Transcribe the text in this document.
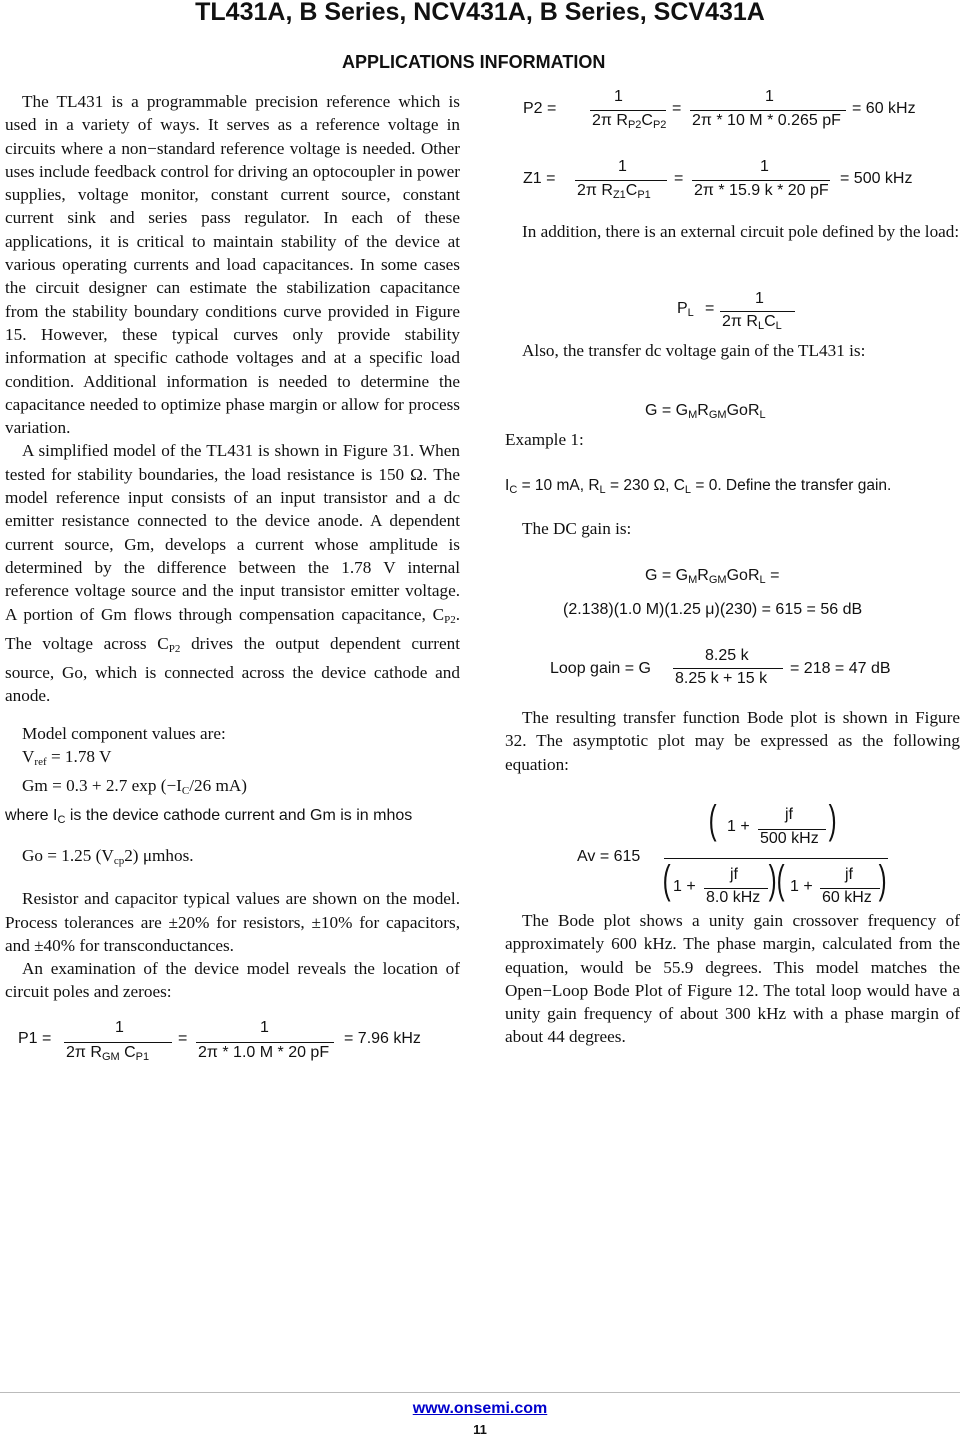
TL431A, B Series, NCV431A, B Series, SCV431A
APPLICATIONS INFORMATION

The TL431 is a programmable precision reference which is used in a variety of ways. It serves as a reference voltage in circuits where a non−standard reference voltage is needed. Other uses include feedback control for driving an optocoupler in power supplies, voltage monitor, constant current source, constant current sink and series pass regulator. In each of these applications, it is critical to maintain stability of the device at various operating currents and load capacitances. In some cases the circuit designer can estimate the stabilization capacitance from the stability boundary conditions curve provided in Figure 15. However, these typical curves only provide stability information at specific cathode voltages and at a specific load condition. Additional information is needed to determine the capacitance needed to optimize phase margin or allow for process variation.

A simplified model of the TL431 is shown in Figure 31. When tested for stability boundaries, the load resistance is 150 Ω. The model reference input consists of an input transistor and a dc emitter resistance connected to the device anode. A dependent current source, Gm, develops a current whose amplitude is determined by the difference between the 1.78 V internal reference voltage source and the input transistor emitter voltage. A portion of Gm flows through compensation capacitance, $C_{P2}$. The voltage across $C_{P2}$ drives the output dependent current source, Go, which is connected across the device cathode and anode.

Model component values are:

$V_{ref} = 1.78$ V

Gm = 0.3 + 2.7 $\exp (-I_C/26$ mA)

where $I_C$ is the device cathode current and Gm is in mhos

Go = 1.25 $(V_{cp}2)$ μmhos.

Resistor and capacitor typical values are shown on the model. Process tolerances are ±20% for resistors, ±10% for capacitors, and ±40% for transconductances.

An examination of the device model reveals the location of circuit poles and zeroes:

P1 =
1
2π $R_{GM}$ $C_{P1}$
=
1
2π * 1.0 M * 20 pF
= 7.96 kHz
P2 =
1
2π $R_{P2}C_{P2}$
=
1
2π * 10 M * 0.265 pF
= 60 kHz
Z1 =
1
2π $R_{Z1}C_{P1}$
=
1
2π * 15.9 k * 20 pF
= 500 kHz

In addition, there is an external circuit pole defined by the load:

$P_L$ =
1
2π $R_LC_L$

Also, the transfer dc voltage gain of the TL431 is:

$G = G_MR_{GM}GoR_L$

Example 1:

$I_C = 10$ mA, $R_L = 230$ Ω, $C_L = 0$. Define the transfer gain.

The DC gain is:

$G = G_MR_{GM}GoR_L$ =
(2.138)(1.0 M)(1.25 μ)(230) = 615 = 56 dB
Loop gain = G
8.25 k
8.25 k + 15 k
= 218 = 47 dB

The resulting transfer function Bode plot is shown in Figure 32. The asymptotic plot may be expressed as the following equation:

Av = 615
( 1 +
jf
500 kHz )
( 1 +
jf
8.0 kHz ) ( 1 +
jf
60 kHz )

The Bode plot shows a unity gain crossover frequency of approximately 600 kHz. The phase margin, calculated from the equation, would be 55.9 degrees. This model matches the Open−Loop Bode Plot of Figure 12. The total loop would have a unity gain frequency of about 300 kHz with a phase margin of about 44 degrees.

www.onsemi.com
11
